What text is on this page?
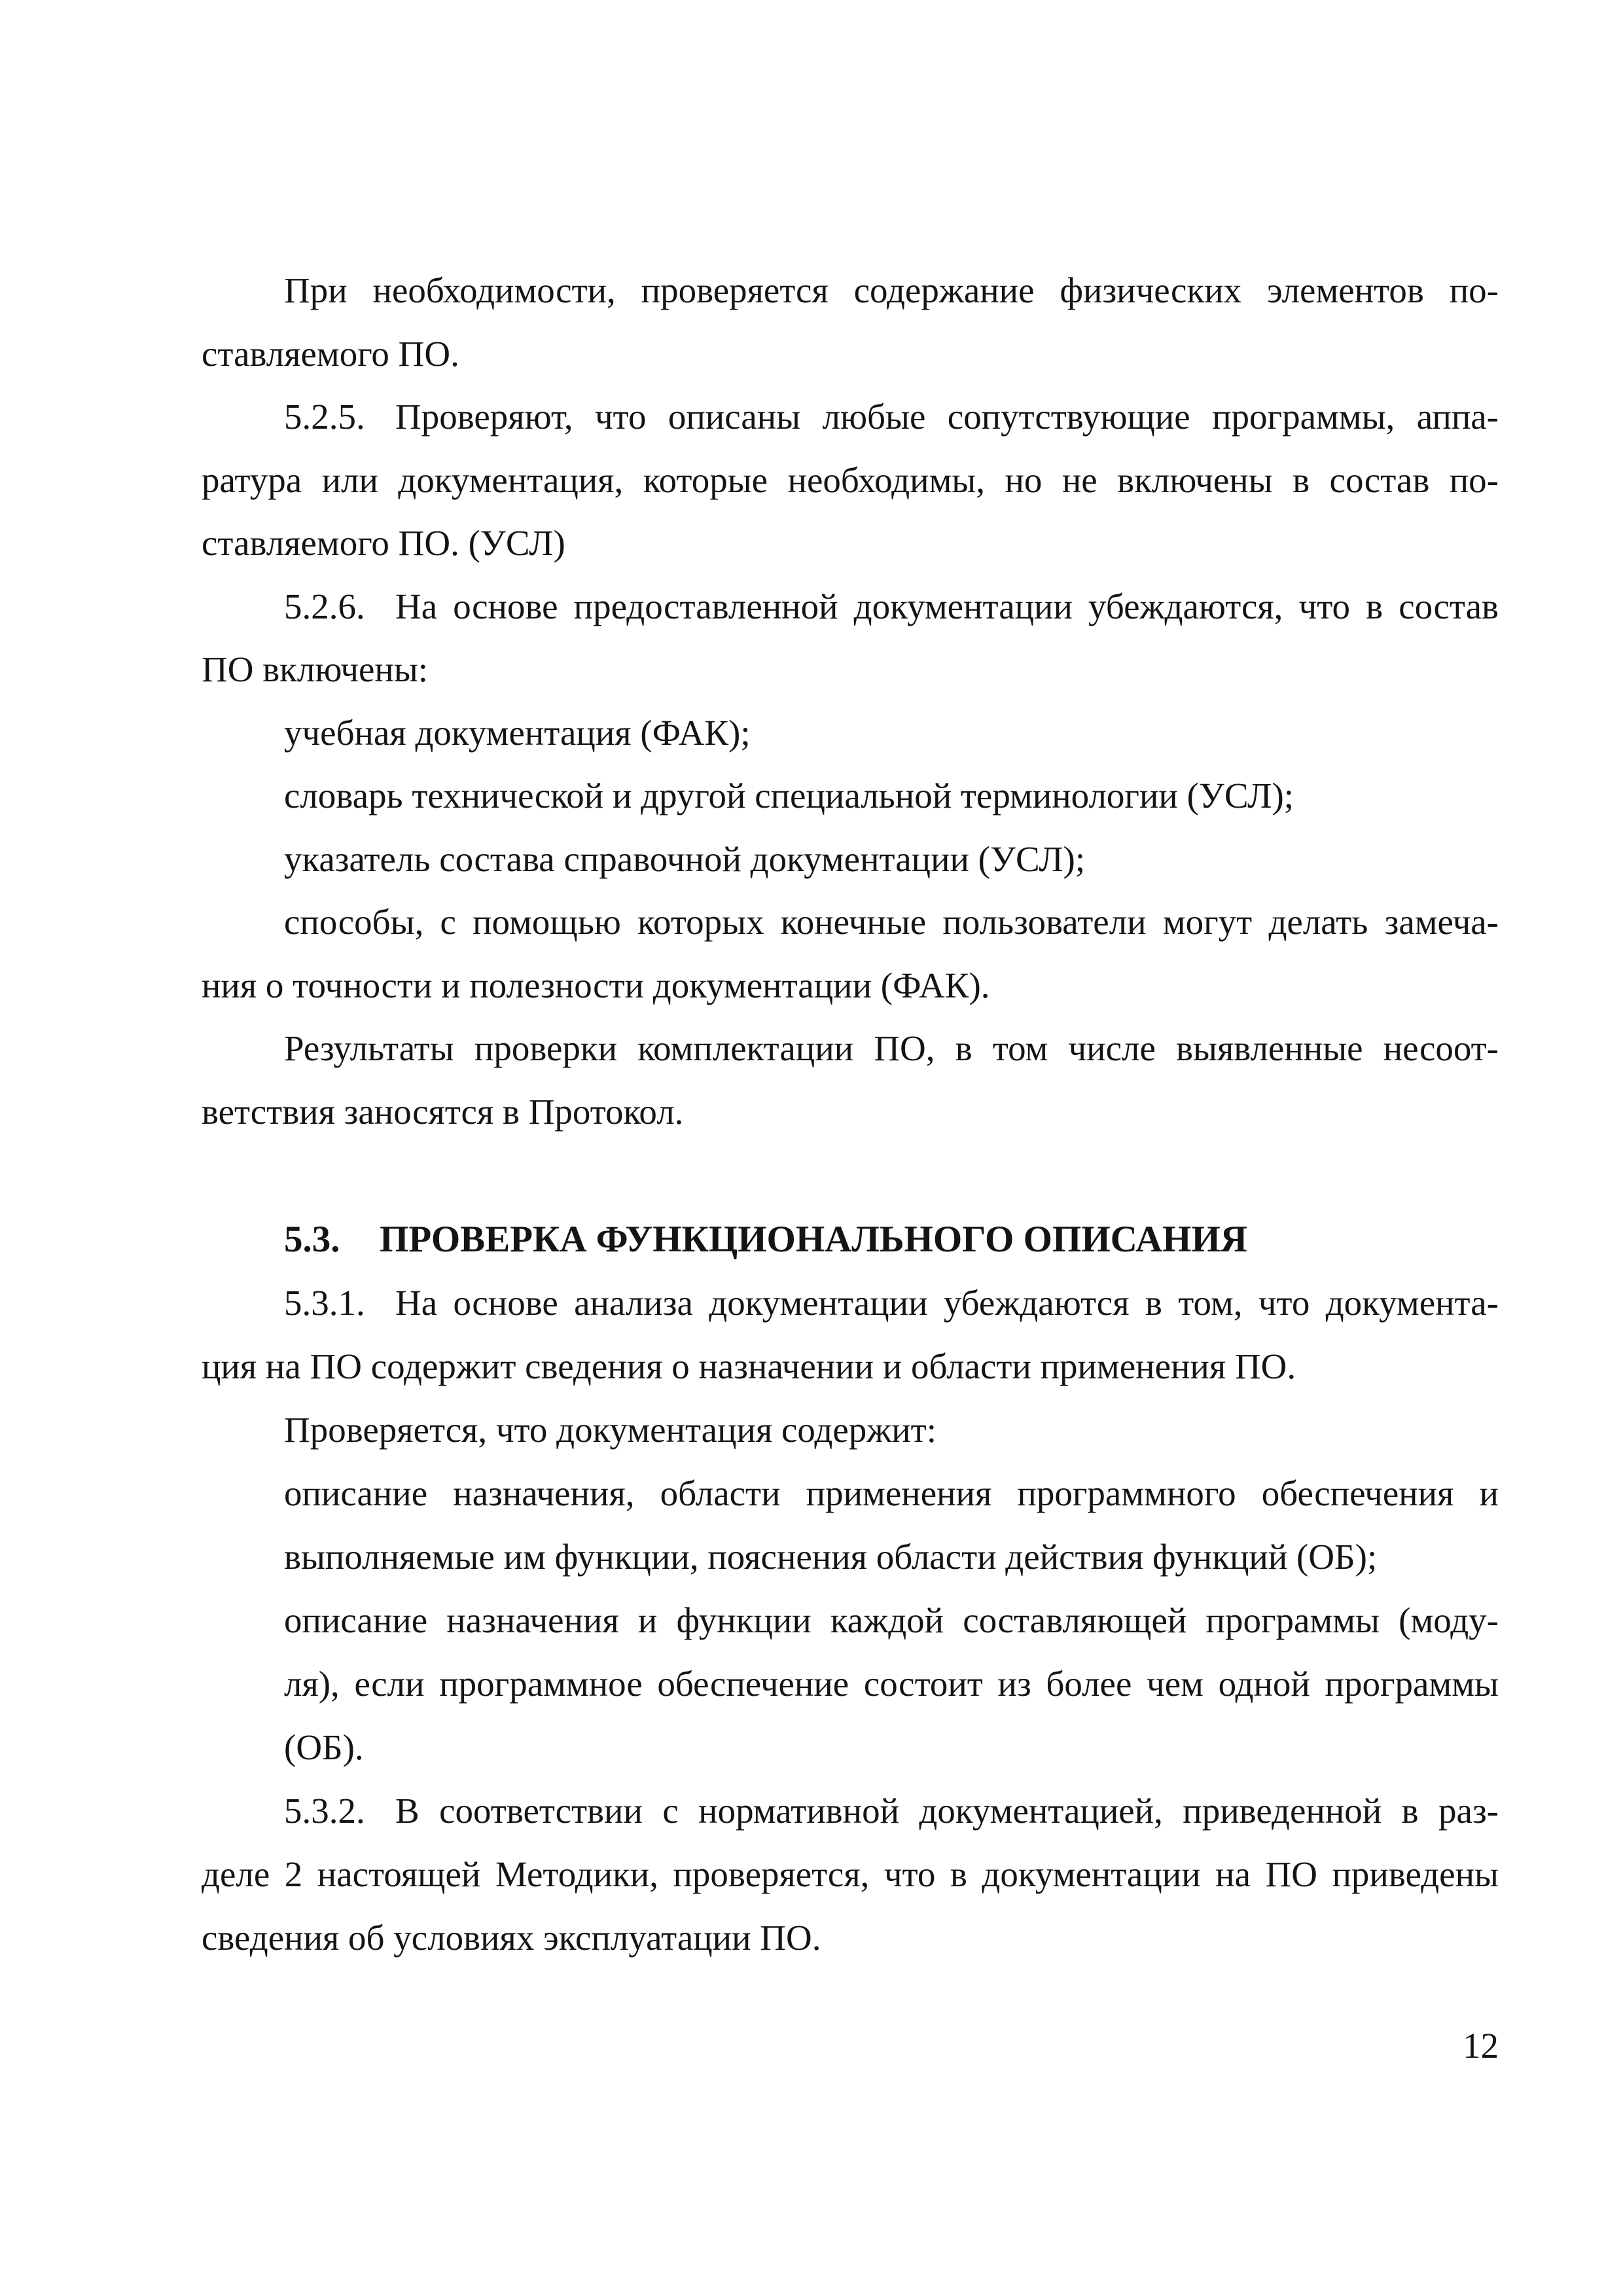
При необходимости, проверяется содержание физических элементов по-
ставляемого ПО.
5.2.5. Проверяют, что описаны любые сопутствующие программы, аппа-
ратура или документация, которые необходимы, но не включены в состав по-
ставляемого ПО. (УСЛ)
5.2.6. На основе предоставленной документации убеждаются, что в состав
ПО включены:
учебная документация (ФАК);
словарь технической и другой специальной терминологии (УСЛ);
указатель состава справочной документации (УСЛ);
способы, с помощью которых конечные пользователи могут делать замеча-
ния о точности и полезности документации (ФАК).
Результаты проверки комплектации ПО, в том числе выявленные несоот-
ветствия заносятся в Протокол.
5.3. ПРОВЕРКА ФУНКЦИОНАЛЬНОГО ОПИСАНИЯ
5.3.1. На основе анализа документации убеждаются в том, что документа-
ция на ПО содержит сведения о назначении и области применения ПО.
Проверяется, что документация содержит:
описание назначения, области применения программного обеспечения и
выполняемые им функции, пояснения области действия функций (ОБ);
описание назначения и функции каждой составляющей программы (моду-
ля), если программное обеспечение состоит из более чем одной программы
(ОБ).
5.3.2. В соответствии с нормативной документацией, приведенной в раз-
деле 2 настоящей Методики, проверяется, что в документации на ПО приведены
сведения об условиях эксплуатации ПО.
12
